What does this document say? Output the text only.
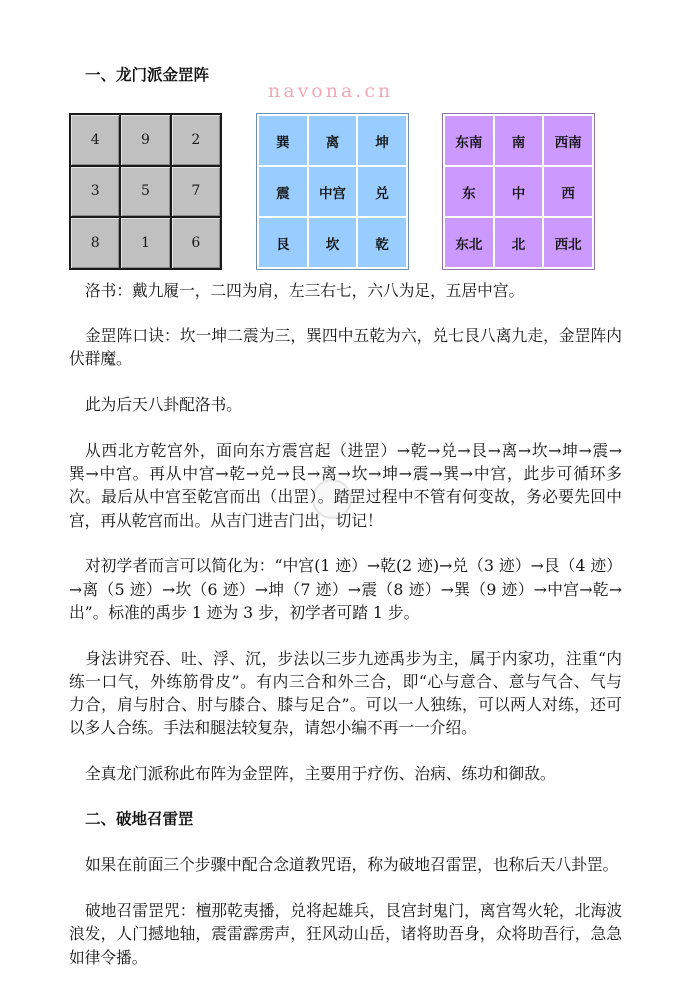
一、龙门派金罡阵
navona.cn
4	9	2
3	5	7
8	1	6
巽	离	坤
震	中宫	兑
艮	坎	乾
东南	南	西南
东	中	西
东北	北	西北
洛书：戴九履一，二四为肩，左三右七，六八为足，五居中宫。
金罡阵口诀：坎一坤二震为三，巽四中五乾为六，兑七艮八离九走，金罡阵内
伏群魔。
此为后天八卦配洛书。
从西北方乾宫外，面向东方震宫起（进罡）→乾→兑→艮→离→坎→坤→震→
巽→中宫。再从中宫→乾→兑→艮→离→坎→坤→震→巽→中宫，此步可循环多
次。最后从中宫至乾宫而出（出罡）。踏罡过程中不管有何变故，务必要先回中
宫，再从乾宫而出。从吉门进吉门出，切记！
对初学者而言可以简化为：“中宫(1 迹）→乾(2 迹)→兑（3 迹）→艮（4 迹）
→离（5 迹）→坎（6 迹）→坤（7 迹）→震（8 迹）→巽（9 迹）→中宫→乾→
出”。标准的禹步 1 迹为 3 步，初学者可踏 1 步。
身法讲究吞、吐、浮、沉，步法以三步九迹禹步为主，属于内家功，注重“内
练一口气，外练筋骨皮”。有内三合和外三合，即“心与意合、意与气合、气与
力合，肩与肘合、肘与膝合、膝与足合”。可以一人独练，可以两人对练，还可
以多人合练。手法和腿法较复杂，请恕小编不再一一介绍。
全真龙门派称此布阵为金罡阵，主要用于疗伤、治病、练功和御敌。
二、破地召雷罡
如果在前面三个步骤中配合念道教咒语，称为破地召雷罡，也称后天八卦罡。
破地召雷罡咒：檀那乾夷播，兑将起雄兵，艮宫封鬼门，离宫驾火轮，北海波
浪发，人门撼地轴，震雷霹雳声，狂风动山岳，诸将助吾身，众将助吾行，急急
如律令播。
